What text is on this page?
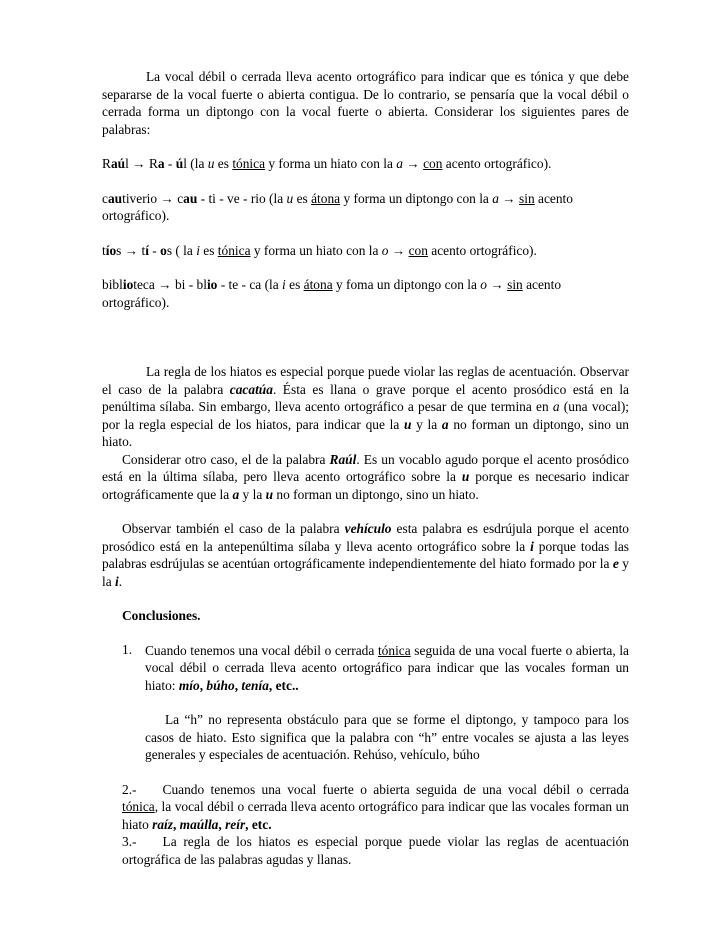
La vocal débil o cerrada lleva acento ortográfico para indicar que es tónica y que debe separarse de la vocal fuerte o abierta contigua. De lo contrario, se pensaría que la vocal débil o cerrada forma un diptongo con la vocal fuerte o abierta. Considerar los siguientes pares de palabras:

Raúl → Ra - úl (la u es tónica y forma un hiato con la a → con acento ortográfico).

cautiverio → cau - ti - ve - rio (la u es átona y forma un diptongo con la a → sin acento ortográfico).

tíos → tí - os ( la i es tónica y forma un hiato con la o → con acento ortográfico).

biblioteca → bi - blio - te - ca (la i es átona y foma un diptongo con la o → sin acento ortográfico).

La regla de los hiatos es especial porque puede violar las reglas de acentuación. Observar el caso de la palabra cacatúa. Ésta es llana o grave porque el acento prosódico está en la penúltima sílaba. Sin embargo, lleva acento ortográfico a pesar de que termina en a (una vocal); por la regla especial de los hiatos, para indicar que la u y la a no forman un diptongo, sino un hiato.

Considerar otro caso, el de la palabra Raúl. Es un vocablo agudo porque el acento prosódico está en la última sílaba, pero lleva acento ortográfico sobre la u porque es necesario indicar ortográficamente que la a y la u no forman un diptongo, sino un hiato.

Observar también el caso de la palabra vehículo esta palabra es esdrújula porque el acento prosódico está en la antepenúltima sílaba y lleva acento ortográfico sobre la i porque todas las palabras esdrújulas se acentúan ortográficamente independientemente del hiato formado por la e y la i.

Conclusiones.

1. Cuando tenemos una vocal débil o cerrada tónica seguida de una vocal fuerte o abierta, la vocal débil o cerrada lleva acento ortográfico para indicar que las vocales forman un hiato: mío, búho, tenía, etc..

La “h” no representa obstáculo para que se forme el diptongo, y tampoco para los casos de hiato. Esto significa que la palabra con “h” entre vocales se ajusta a las leyes generales y especiales de acentuación. Rehúso, vehículo, búho

2.- Cuando tenemos una vocal fuerte o abierta seguida de una vocal débil o cerrada tónica, la vocal débil o cerrada lleva acento ortográfico para indicar que las vocales forman un hiato raíz, maúlla, reír, etc.

3.- La regla de los hiatos es especial porque puede violar las reglas de acentuación ortográfica de las palabras agudas y llanas.
